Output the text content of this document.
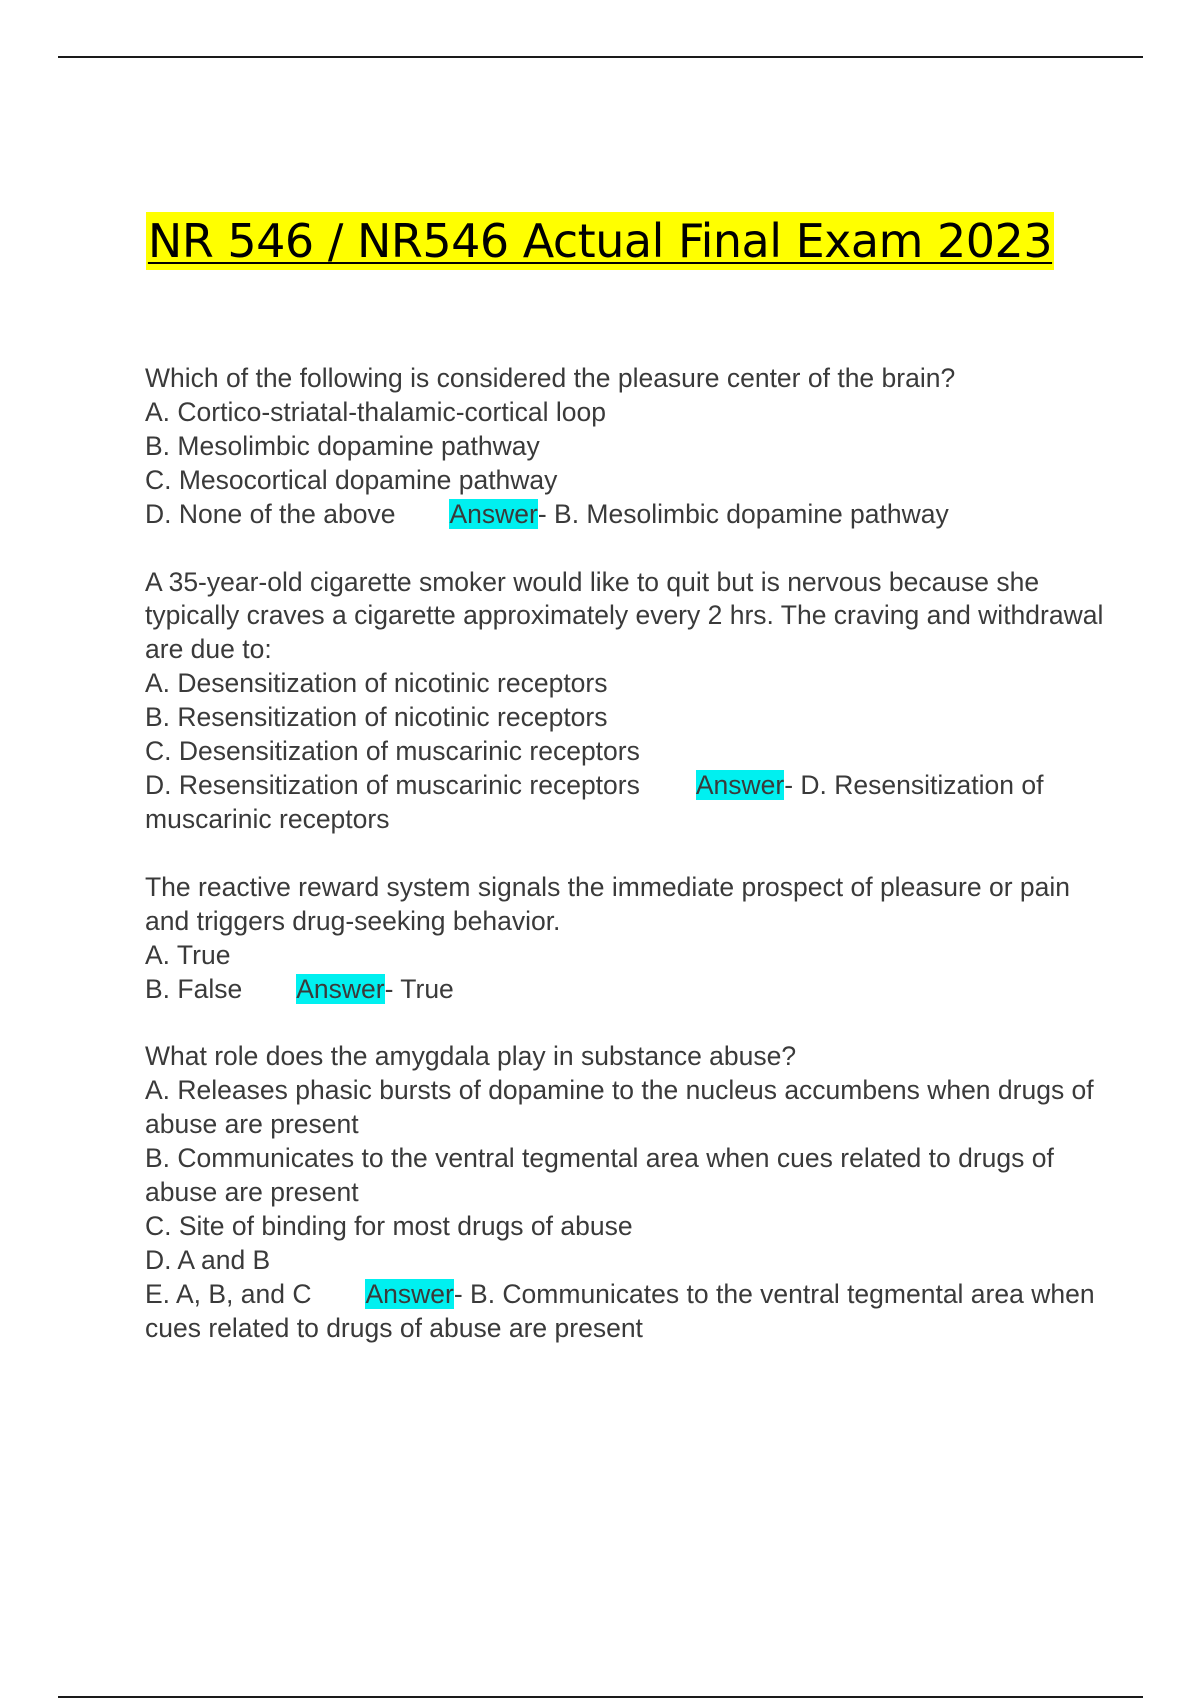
NR 546 / NR546 Actual Final Exam 2023
Which of the following is considered the pleasure center of the brain?
A. Cortico-striatal-thalamic-cortical loop
B. Mesolimbic dopamine pathway
C. Mesocortical dopamine pathway
D. None of the above Answer- B. Mesolimbic dopamine pathway
A 35-year-old cigarette smoker would like to quit but is nervous because she typically craves a cigarette approximately every 2 hrs. The craving and withdrawal are due to:
A. Desensitization of nicotinic receptors
B. Resensitization of nicotinic receptors
C. Desensitization of muscarinic receptors
D. Resensitization of muscarinic receptors Answer- D. Resensitization of muscarinic receptors
The reactive reward system signals the immediate prospect of pleasure or pain and triggers drug-seeking behavior.
A. True
B. False Answer- True
What role does the amygdala play in substance abuse?
A. Releases phasic bursts of dopamine to the nucleus accumbens when drugs of abuse are present
B. Communicates to the ventral tegmental area when cues related to drugs of abuse are present
C. Site of binding for most drugs of abuse
D. A and B
E. A, B, and C Answer- B. Communicates to the ventral tegmental area when cues related to drugs of abuse are present
